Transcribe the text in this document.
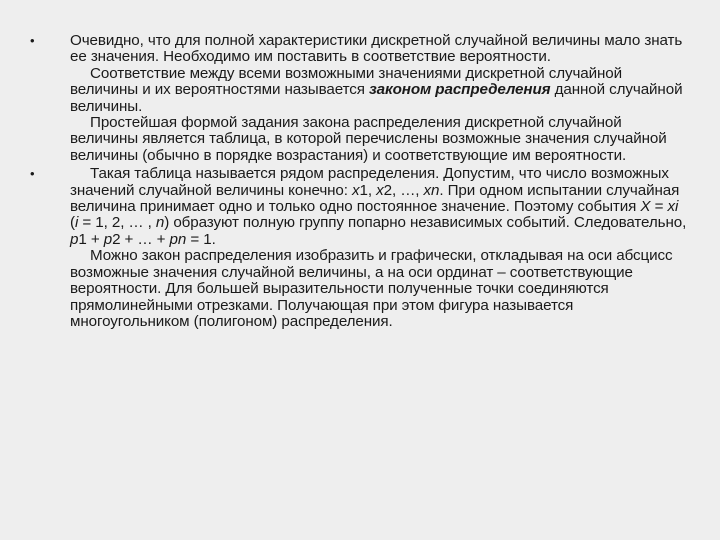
•	Очевидно, что для полной характеристики дискретной случайной величины мало знать ее значения. Необходимо им поставить в соответствие вероятности.

Соответствие между всеми возможными значениями дискретной случайной величины и их вероятностями называется законом распределения данной случайной величины.

Простейшая формой задания закона распределения дискретной случайной величины является таблица, в которой перечислены возможные значения случайной величины (обычно в порядке возрастания) и соответствующие им вероятности.

•	Такая таблица называется рядом распределения. Допустим, что число возможных значений случайной величины конечно: x1, x2, …, xn. При одном испытании случайная величина принимает одно и только одно постоянное значение. Поэтому события X = xi (i = 1, 2, … , n) образуют полную группу попарно независимых событий. Следовательно, p1 + p2 + … + pn = 1.

Можно закон распределения изобразить и графически, откладывая на оси абсцисс возможные значения случайной величины, а на оси ординат – соответствующие вероятности. Для большей выразительности полученные точки соединяются прямолинейными отрезками. Получающая при этом фигура называется многоугольником (полигоном) распределения.
